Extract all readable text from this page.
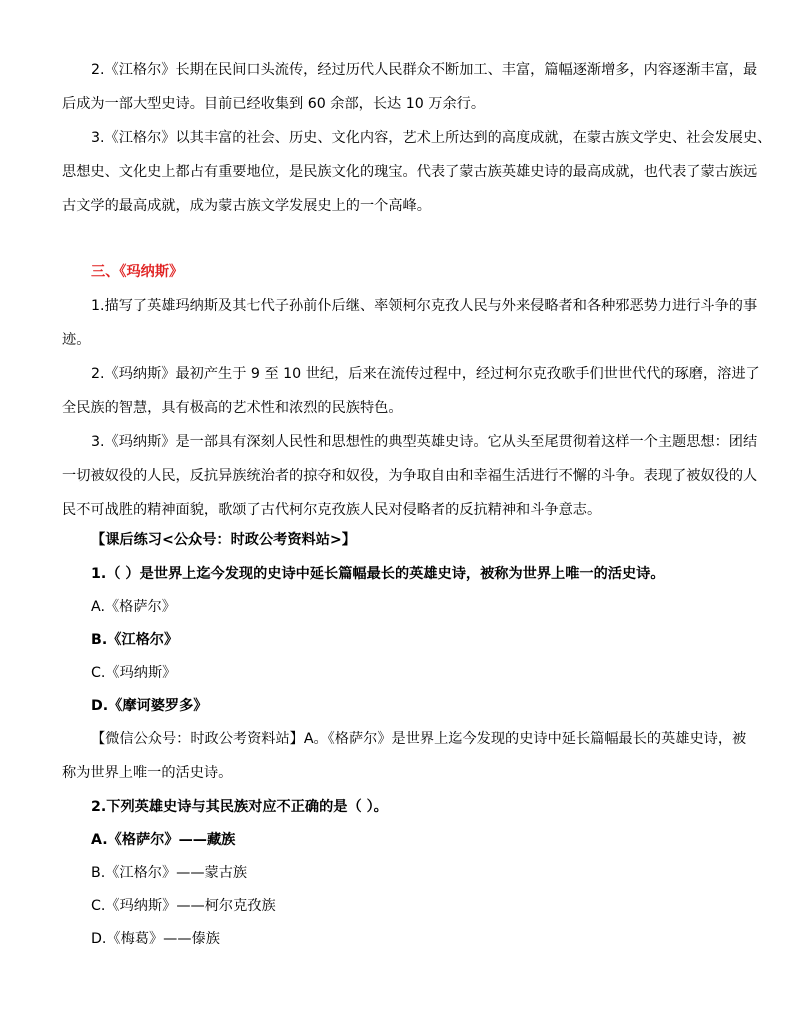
2.《江格尔》长期在民间口头流传，经过历代人民群众不断加工、丰富，篇幅逐渐增多，内容逐渐丰富，最
后成为一部大型史诗。目前已经收集到 60 余部，长达 10 万余行。
3.《江格尔》以其丰富的社会、历史、文化内容，艺术上所达到的高度成就，在蒙古族文学史、社会发展史、
思想史、文化史上都占有重要地位，是民族文化的瑰宝。代表了蒙古族英雄史诗的最高成就，也代表了蒙古族远
古文学的最高成就，成为蒙古族文学发展史上的一个高峰。
三、《玛纳斯》
1.描写了英雄玛纳斯及其七代子孙前仆后继、率领柯尔克孜人民与外来侵略者和各种邪恶势力进行斗争的事
迹。
2.《玛纳斯》最初产生于 9 至 10 世纪，后来在流传过程中，经过柯尔克孜歌手们世世代代的琢磨，溶进了
全民族的智慧，具有极高的艺术性和浓烈的民族特色。
3.《玛纳斯》是一部具有深刻人民性和思想性的典型英雄史诗。它从头至尾贯彻着这样一个主题思想：团结
一切被奴役的人民，反抗异族统治者的掠夺和奴役，为争取自由和幸福生活进行不懈的斗争。表现了被奴役的人
民不可战胜的精神面貌，歌颂了古代柯尔克孜族人民对侵略者的反抗精神和斗争意志。
【课后练习<公众号：时政公考资料站>】
1.（ ）是世界上迄今发现的史诗中延长篇幅最长的英雄史诗，被称为世界上唯一的活史诗。
A.《格萨尔》
B.《江格尔》
C.《玛纳斯》
D.《摩诃婆罗多》
【微信公众号：时政公考资料站】A。《格萨尔》是世界上迄今发现的史诗中延长篇幅最长的英雄史诗，被
称为世界上唯一的活史诗。
2.下列英雄史诗与其民族对应不正确的是（ ）。
A.《格萨尔》——藏族
B.《江格尔》——蒙古族
C.《玛纳斯》——柯尔克孜族
D.《梅葛》——傣族
